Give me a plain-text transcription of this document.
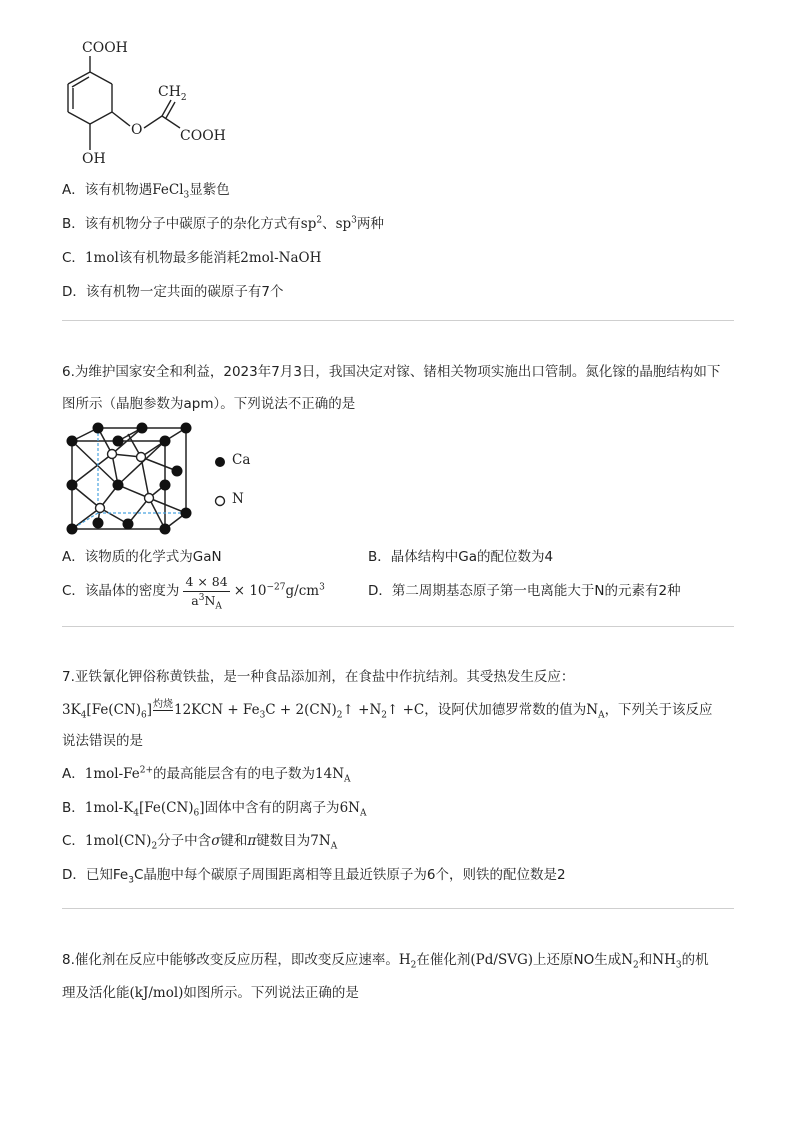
COOH
$CH_2$
O	COOH
OH
A．该有机物遇FeCl$_3$显紫色
B．该有机物分子中碳原子的杂化方式有$sp^2$、$sp^3$两种
C．1mol该有机物最多能消耗2mol-NaOH
D．该有机物一定共面的碳原子有7个
6.为维护国家安全和利益，2023年7月3日，我国决定对镓、锗相关物项实施出口管制。氮化镓的晶胞结构如下
图所示（晶胞参数为apm）。下列说法不正确的是
Ca
N
A．该物质的化学式为GaN	B．晶体结构中Ga的配位数为4
C．该晶体的密度为 $\frac{4 \times 84}{a^3N_A} \times 10^{-27}g/cm^3$	D．第二周期基态原子第一电离能大于N的元素有2种
7.亚铁氰化钾俗称黄铁盐，是一种食品添加剂，在食盐中作抗结剂。其受热发生反应：
$3K_4[Fe(CN)_6]$灼烧$12KCN + Fe_3C$ + $2(CN)_2↑$ $+N_2↑ +C$，设阿伏加德罗常数的值为$N_A$，下列关于该反应
说法错误的是
A．$1mol-Fe^{2+}$的最高能层含有的电子数为$14N_A$
B．$1mol-K_4[Fe(CN)_6]$固体中含有的阴离子为$6N_A$
C．$1mol(CN)_2$分子中含σ键和π键数目为$7N_A$
D．已知$Fe_3C$晶胞中每个碳原子周围距离相等且最近铁原子为6个，则铁的配位数是2
8.催化剂在反应中能够改变反应历程，即改变反应速率。$H_2$在催化剂(Pd/SVG)上还原NO生成$N_2$和$NH_3$的机
理及活化能(kJ/mol)如图所示。下列说法正确的是
